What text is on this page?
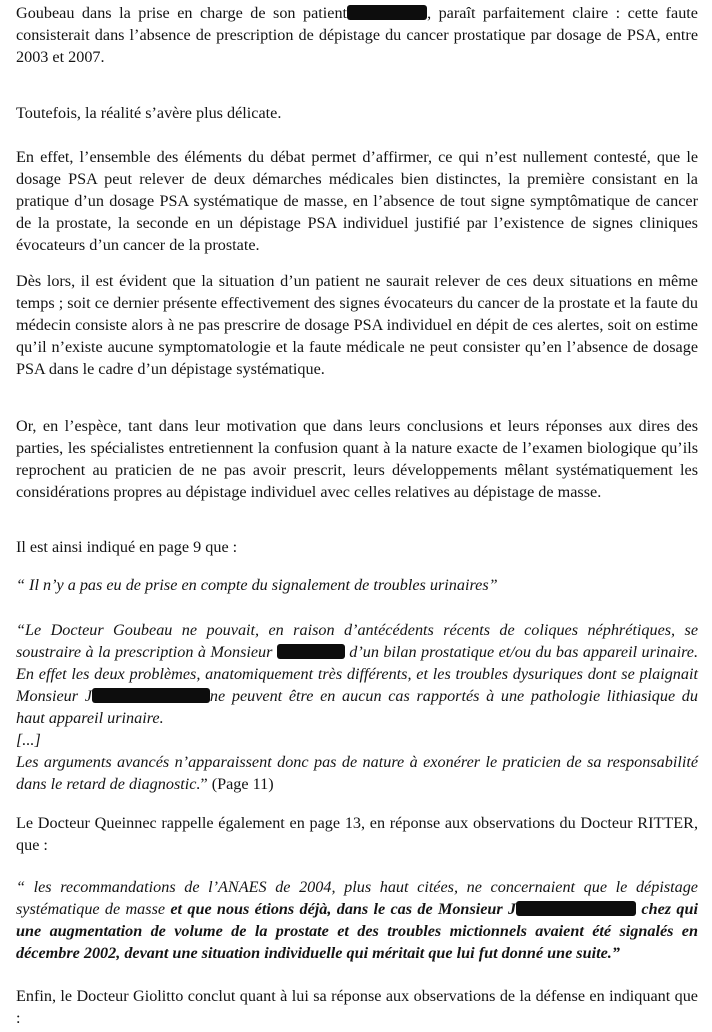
Goubeau dans la prise en charge de son patient	, paraît parfaitement claire : cette faute consisterait dans l’absence de prescription de dépistage du cancer prostatique par dosage de PSA, entre 2003 et 2007.
Toutefois, la réalité s’avère plus délicate.
En effet, l’ensemble des éléments du débat permet d’affirmer, ce qui n’est nullement contesté, que le dosage PSA peut relever de deux démarches médicales bien distinctes, la première consistant en la pratique d’un dosage PSA systématique de masse, en l’absence de tout signe symptômatique de cancer de la prostate, la seconde en un dépistage PSA individuel justifié par l’existence de signes cliniques évocateurs d’un cancer de la prostate.
Dès lors, il est évident que la situation d’un patient ne saurait relever de ces deux situations en même temps ; soit ce dernier présente effectivement des signes évocateurs du cancer de la prostate et la faute du médecin consiste alors à ne pas prescrire de dosage PSA individuel en dépit de ces alertes, soit on estime qu’il n’existe aucune symptomatologie et la faute médicale ne peut consister qu’en l’absence de dosage PSA dans le cadre d’un dépistage systématique.
Or, en l’espèce, tant dans leur motivation que dans leurs conclusions et leurs réponses aux dires des parties, les spécialistes entretiennent la confusion quant à la nature exacte de l’examen biologique qu’ils reprochent au praticien de ne pas avoir prescrit, leurs développements mêlant systématiquement les considérations propres au dépistage individuel avec celles relatives au dépistage de masse.
Il est ainsi indiqué en page 9 que :
“ Il n’y a pas eu de prise en compte du signalement de troubles urinaires”
“Le Docteur Goubeau ne pouvait, en raison d’antécédents récents de coliques néphrétiques, se soustraire à la prescription à Monsieur	d’un bilan prostatique et/ou du bas appareil urinaire. En effet les deux problèmes, anatomiquement très différents, et les troubles dysuriques dont se plaignait Monsieur J	ne peuvent être en aucun cas rapportés à une pathologie lithiasique du haut appareil urinaire.
[...]
Les arguments avancés n’apparaissent donc pas de nature à exonérer le praticien de sa responsabilité dans le retard de diagnostic.” (Page 11)
Le Docteur Queinnec rappelle également en page 13, en réponse aux observations du Docteur RITTER, que :
“ les recommandations de l’ANAES de 2004, plus haut citées, ne concernaient que le dépistage systématique de masse et que nous étions déjà, dans le cas de Monsieur J	chez qui une augmentation de volume de la prostate et des troubles mictionnels avaient été signalés en décembre 2002, devant une situation individuelle qui méritait que lui fut donné une suite.”
Enfin, le Docteur Giolitto conclut quant à lui sa réponse aux observations de la défense en indiquant que :
